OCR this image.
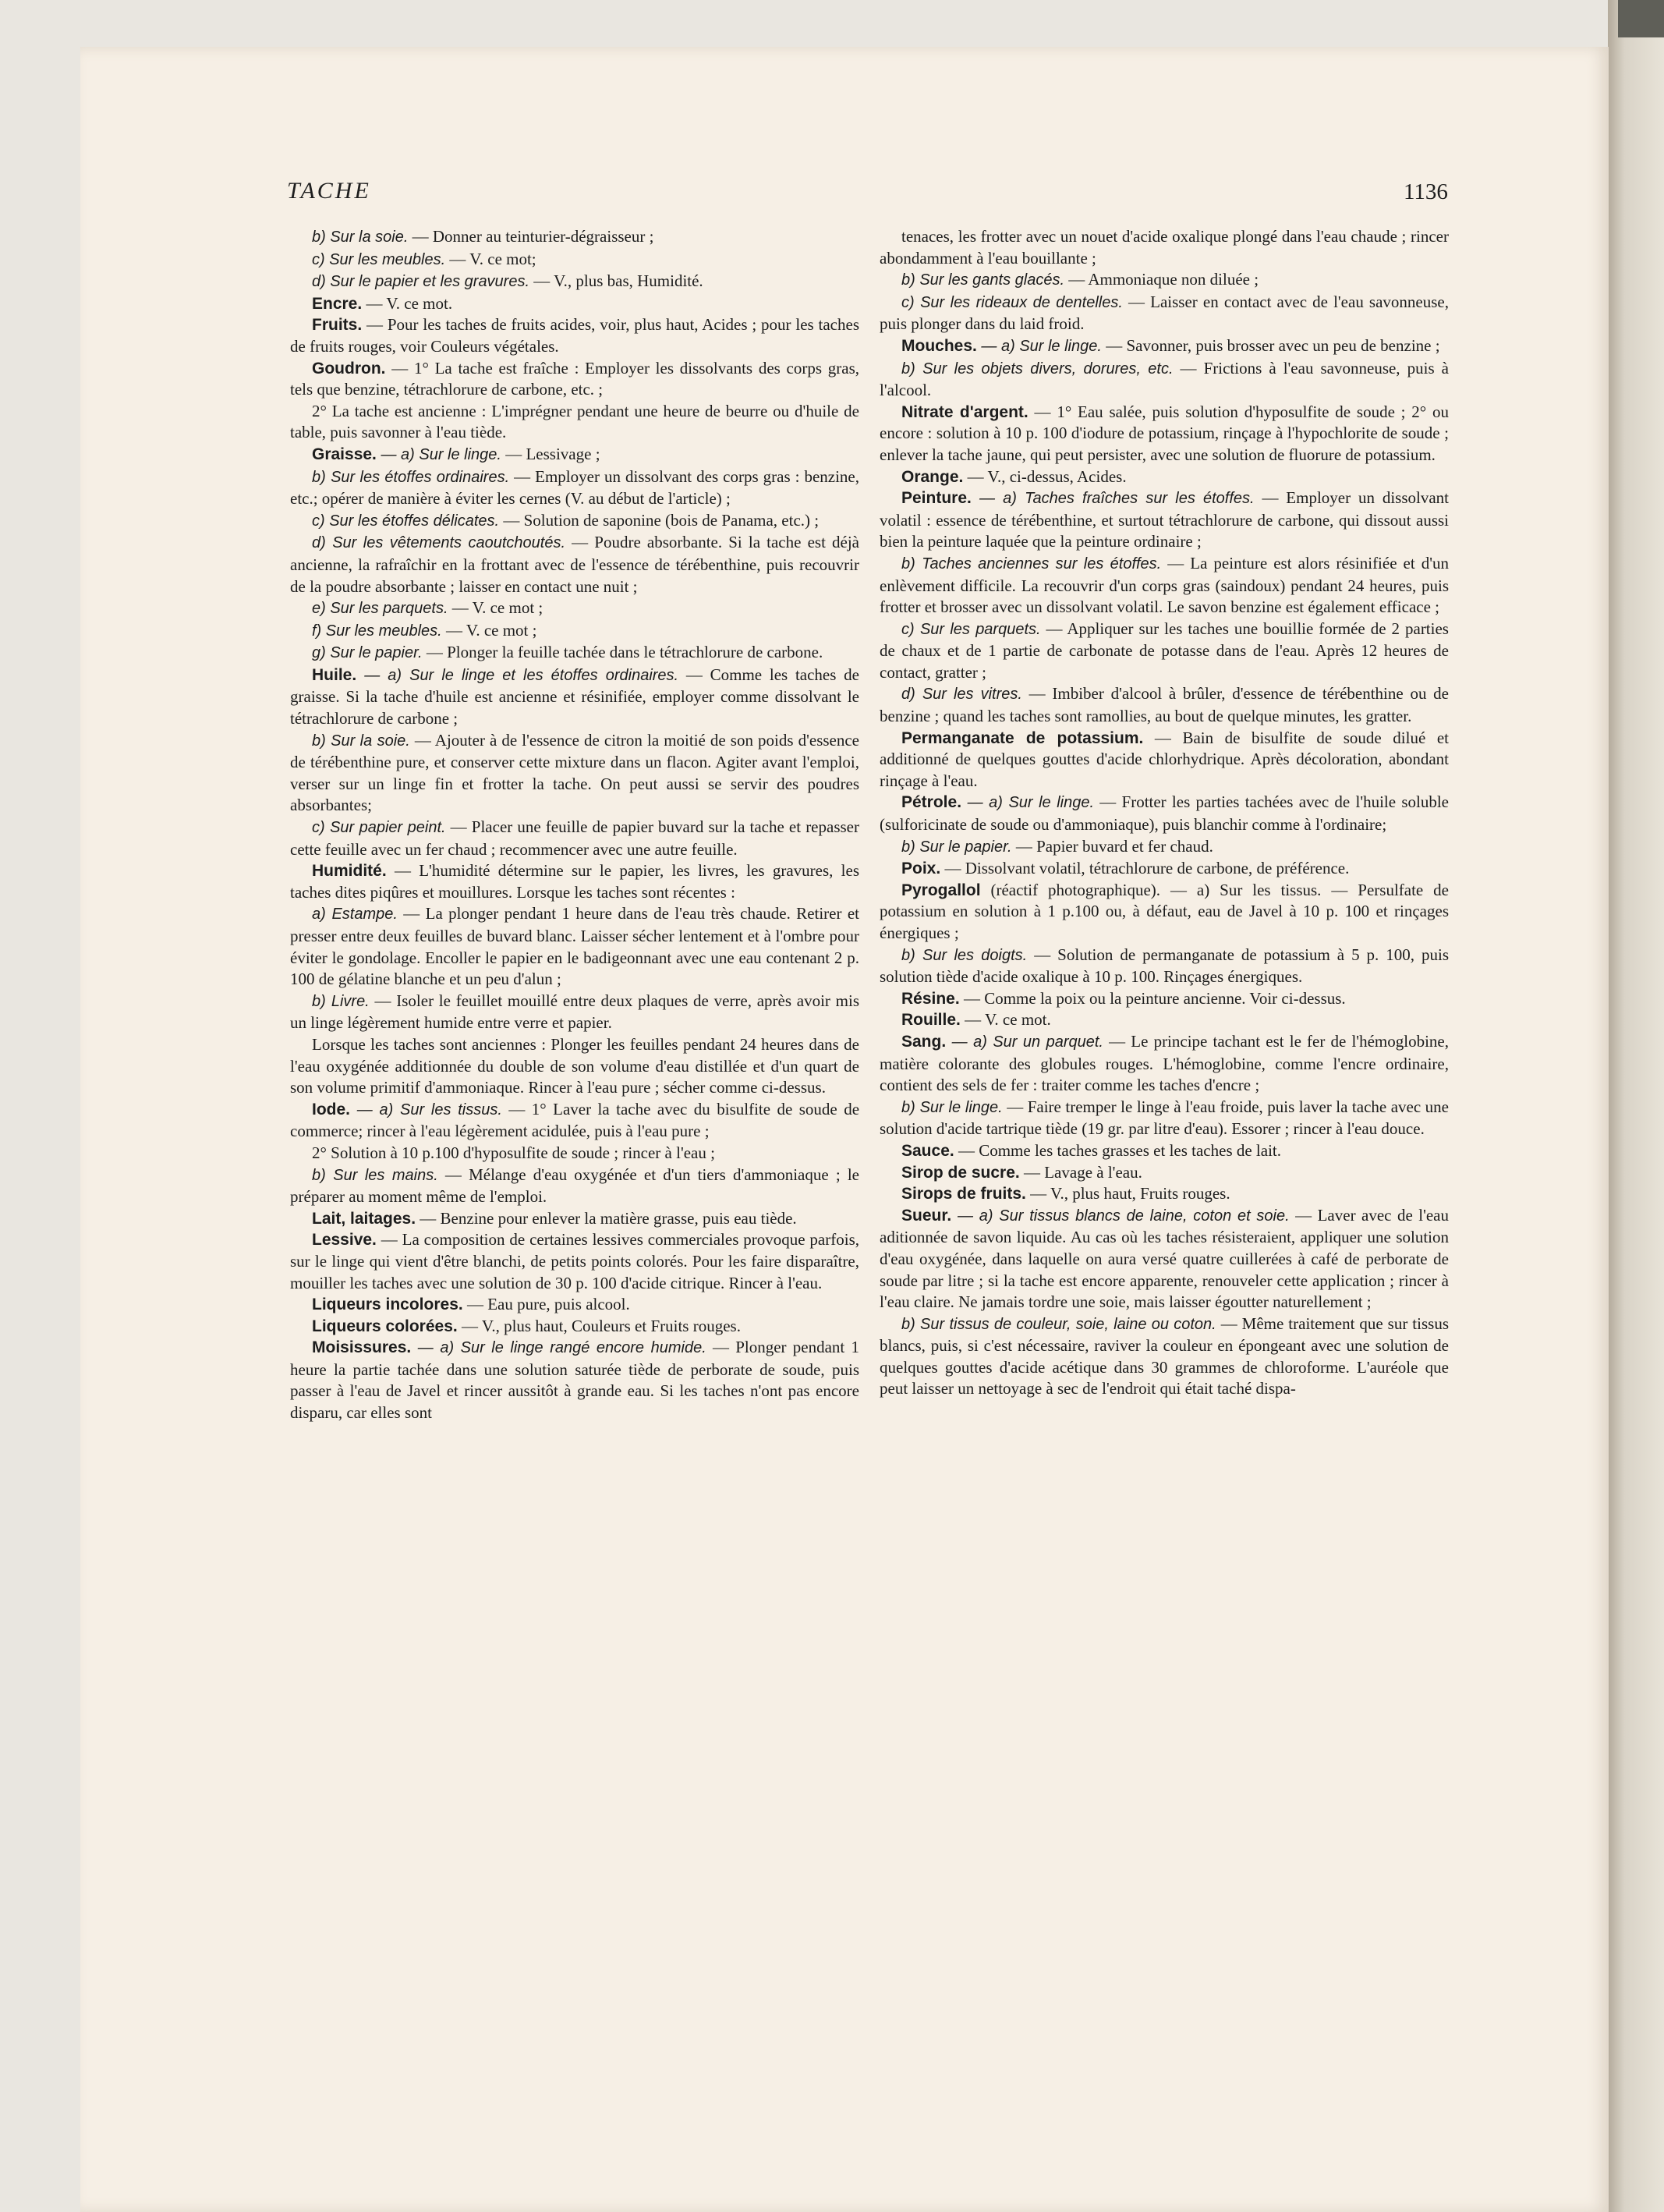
TACHE	1136

b) Sur la soie. — Donner au teinturier-dégraisseur ;

c) Sur les meubles. — V. ce mot;

d) Sur le papier et les gravures. — V., plus bas, Humidité.

Encre. — V. ce mot.

Fruits. — Pour les taches de fruits acides, voir, plus haut, Acides ; pour les taches de fruits rouges, voir Couleurs végétales.

Goudron. — 1° La tache est fraîche : Employer les dissolvants des corps gras, tels que benzine, tétrachlorure de carbone, etc. ;

2° La tache est ancienne : L'imprégner pendant une heure de beurre ou d'huile de table, puis savonner à l'eau tiède.

Graisse. — a) Sur le linge. — Lessivage ;

b) Sur les étoffes ordinaires. — Employer un dissolvant des corps gras : benzine, etc.; opérer de manière à éviter les cernes (V. au début de l'article) ;

c) Sur les étoffes délicates. — Solution de saponine (bois de Panama, etc.) ;

d) Sur les vêtements caoutchoutés. — Poudre absorbante. Si la tache est déjà ancienne, la rafraîchir en la frottant avec de l'essence de térébenthine, puis recouvrir de la poudre absorbante ; laisser en contact une nuit ;

e) Sur les parquets. — V. ce mot ;

f) Sur les meubles. — V. ce mot ;

g) Sur le papier. — Plonger la feuille tachée dans le tétrachlorure de carbone.

Huile. — a) Sur le linge et les étoffes ordinaires. — Comme les taches de graisse. Si la tache d'huile est ancienne et résinifiée, employer comme dissolvant le tétrachlorure de carbone ;

b) Sur la soie. — Ajouter à de l'essence de citron la moitié de son poids d'essence de térébenthine pure, et conserver cette mixture dans un flacon. Agiter avant l'emploi, verser sur un linge fin et frotter la tache. On peut aussi se servir des poudres absorbantes;

c) Sur papier peint. — Placer une feuille de papier buvard sur la tache et repasser cette feuille avec un fer chaud ; recommencer avec une autre feuille.

Humidité. — L'humidité détermine sur le papier, les livres, les gravures, les taches dites piqûres et mouillures. Lorsque les taches sont récentes :

a) Estampe. — La plonger pendant 1 heure dans de l'eau très chaude. Retirer et presser entre deux feuilles de buvard blanc. Laisser sécher lentement et à l'ombre pour éviter le gondolage. Encoller le papier en le badigeonnant avec une eau contenant 2 p. 100 de gélatine blanche et un peu d'alun ;

b) Livre. — Isoler le feuillet mouillé entre deux plaques de verre, après avoir mis un linge légèrement humide entre verre et papier.

Lorsque les taches sont anciennes : Plonger les feuilles pendant 24 heures dans de l'eau oxygénée additionnée du double de son volume d'eau distillée et d'un quart de son volume primitif d'ammoniaque. Rincer à l'eau pure ; sécher comme ci-dessus.

Iode. — a) Sur les tissus. — 1° Laver la tache avec du bisulfite de soude de commerce; rincer à l'eau légèrement acidulée, puis à l'eau pure ;

2° Solution à 10 p.100 d'hyposulfite de soude ; rincer à l'eau ;

b) Sur les mains. — Mélange d'eau oxygénée et d'un tiers d'ammoniaque ; le préparer au moment même de l'emploi.

Lait, laitages. — Benzine pour enlever la matière grasse, puis eau tiède.

Lessive. — La composition de certaines lessives commerciales provoque parfois, sur le linge qui vient d'être blanchi, de petits points colorés. Pour les faire disparaître, mouiller les taches avec une solution de 30 p. 100 d'acide citrique. Rincer à l'eau.

Liqueurs incolores. — Eau pure, puis alcool.

Liqueurs colorées. — V., plus haut, Couleurs et Fruits rouges.

Moisissures. — a) Sur le linge rangé encore humide. — Plonger pendant 1 heure la partie tachée dans une solution saturée tiède de perborate de soude, puis passer à l'eau de Javel et rincer aussitôt à grande eau. Si les taches n'ont pas encore disparu, car elles sont

tenaces, les frotter avec un nouet d'acide oxalique plongé dans l'eau chaude ; rincer abondamment à l'eau bouillante ;

b) Sur les gants glacés. — Ammoniaque non diluée ;

c) Sur les rideaux de dentelles. — Laisser en contact avec de l'eau savonneuse, puis plonger dans du laid froid.

Mouches. — a) Sur le linge. — Savonner, puis brosser avec un peu de benzine ;

b) Sur les objets divers, dorures, etc. — Frictions à l'eau savonneuse, puis à l'alcool.

Nitrate d'argent. — 1° Eau salée, puis solution d'hyposulfite de soude ; 2° ou encore : solution à 10 p. 100 d'iodure de potassium, rinçage à l'hypochlorite de soude ; enlever la tache jaune, qui peut persister, avec une solution de fluorure de potassium.

Orange. — V., ci-dessus, Acides.

Peinture. — a) Taches fraîches sur les étoffes. — Employer un dissolvant volatil : essence de térébenthine, et surtout tétrachlorure de carbone, qui dissout aussi bien la peinture laquée que la peinture ordinaire ;

b) Taches anciennes sur les étoffes. — La peinture est alors résinifiée et d'un enlèvement difficile. La recouvrir d'un corps gras (saindoux) pendant 24 heures, puis frotter et brosser avec un dissolvant volatil. Le savon benzine est également efficace ;

c) Sur les parquets. — Appliquer sur les taches une bouillie formée de 2 parties de chaux et de 1 partie de carbonate de potasse dans de l'eau. Après 12 heures de contact, gratter ;

d) Sur les vitres. — Imbiber d'alcool à brûler, d'essence de térébenthine ou de benzine ; quand les taches sont ramollies, au bout de quelque minutes, les gratter.

Permanganate de potassium. — Bain de bisulfite de soude dilué et additionné de quelques gouttes d'acide chlorhydrique. Après décoloration, abondant rinçage à l'eau.

Pétrole. — a) Sur le linge. — Frotter les parties tachées avec de l'huile soluble (sulforicinate de soude ou d'ammoniaque), puis blanchir comme à l'ordinaire;

b) Sur le papier. — Papier buvard et fer chaud.

Poix. — Dissolvant volatil, tétrachlorure de carbone, de préférence.

Pyrogallol (réactif photographique). — a) Sur les tissus. — Persulfate de potassium en solution à 1 p.100 ou, à défaut, eau de Javel à 10 p. 100 et rinçages énergiques ;

b) Sur les doigts. — Solution de permanganate de potassium à 5 p. 100, puis solution tiède d'acide oxalique à 10 p. 100. Rinçages énergiques.

Résine. — Comme la poix ou la peinture ancienne. Voir ci-dessus.

Rouille. — V. ce mot.

Sang. — a) Sur un parquet. — Le principe tachant est le fer de l'hémoglobine, matière colorante des globules rouges. L'hémoglobine, comme l'encre ordinaire, contient des sels de fer : traiter comme les taches d'encre ;

b) Sur le linge. — Faire tremper le linge à l'eau froide, puis laver la tache avec une solution d'acide tartrique tiède (19 gr. par litre d'eau). Essorer ; rincer à l'eau douce.

Sauce. — Comme les taches grasses et les taches de lait.

Sirop de sucre. — Lavage à l'eau.

Sirops de fruits. — V., plus haut, Fruits rouges.

Sueur. — a) Sur tissus blancs de laine, coton et soie. — Laver avec de l'eau aditionnée de savon liquide. Au cas où les taches résisteraient, appliquer une solution d'eau oxygénée, dans laquelle on aura versé quatre cuillerées à café de perborate de soude par litre ; si la tache est encore apparente, renouveler cette application ; rincer à l'eau claire. Ne jamais tordre une soie, mais laisser égoutter naturellement ;

b) Sur tissus de couleur, soie, laine ou coton. — Même traitement que sur tissus blancs, puis, si c'est nécessaire, raviver la couleur en épongeant avec une solution de quelques gouttes d'acide acétique dans 30 grammes de chloroforme. L'auréole que peut laisser un nettoyage à sec de l'endroit qui était taché dispa-
